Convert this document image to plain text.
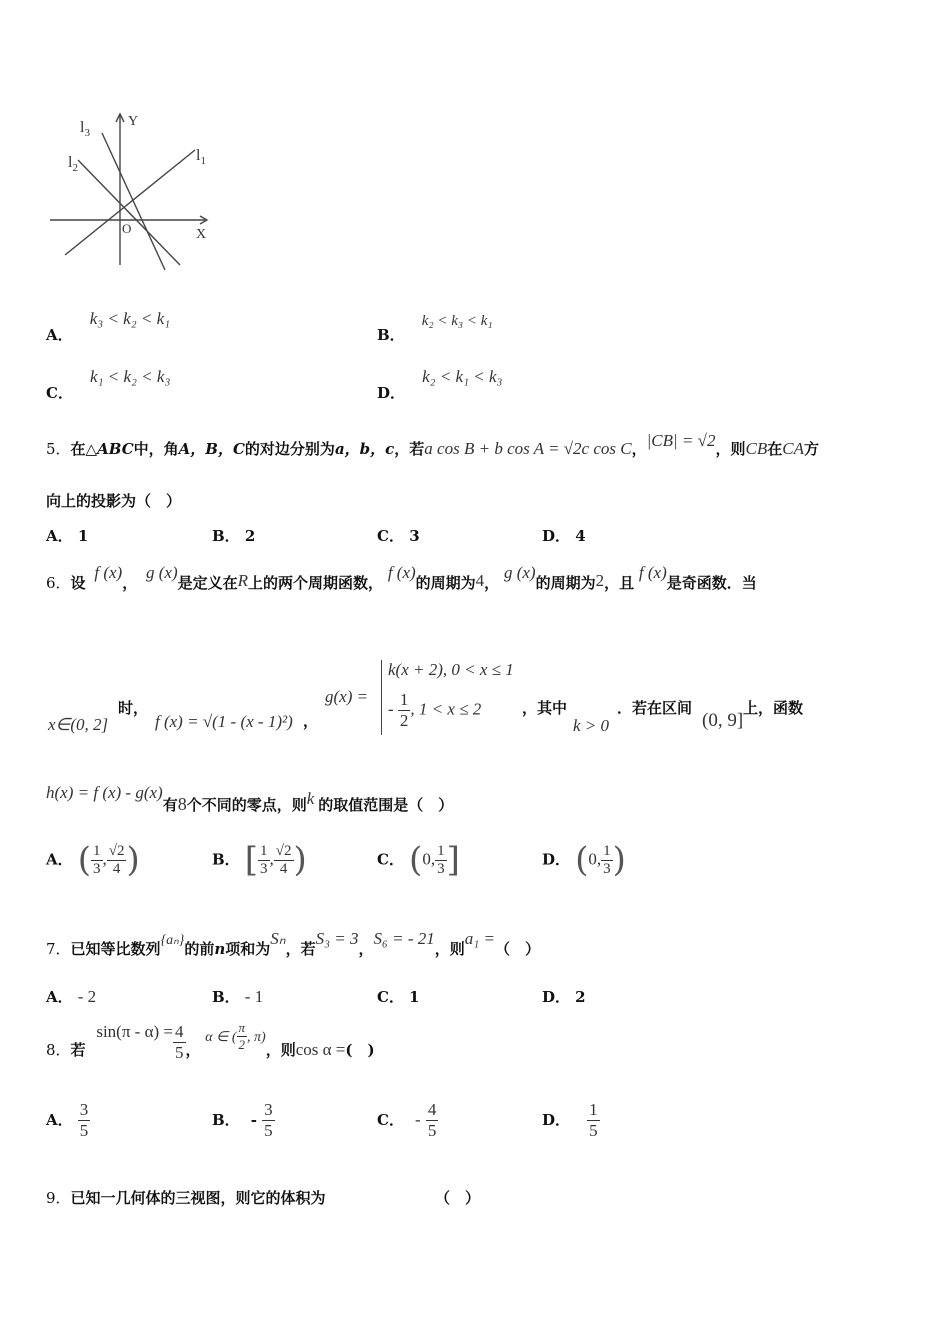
$l_3$
Y
$l_1$
$l_2$
O	X
A． k₃ < k₂ < k₁
B． k₂ < k₃ < k₁
C． k₁ < k₂ < k₃
D． k₂ < k₁ < k₃
5．在△ABC中，角A，B，C的对边分别为a，b，c，若a cos B + b cos A = √2c cos C，|CB| = √2，则CB在CA方
向上的投影为（　）
A． 1	B． 2	C． 3	D． 4
6．设 f (x)， g (x)是定义在R上的两个周期函数， f (x)的周期为4， g (x)的周期为2，且 f (x)是奇函数．当
时，
x∈(0, 2]	f (x) = √(1 - (x - 1)²) ，
g(x) =
k(x + 2), 0 < x ≤ 1
- $\frac{1}{2}$ , 1 < x ≤ 2	，其中
k > 0
．若在区间
(0, 9]
上，函数
h(x) = f (x) - g(x)有8个不同的零点，则k 的取值范围是（　）
A． ( $\frac{1}{3}$ , $\frac{√2}{4}$ )	B． [ $\frac{1}{3}$ , $\frac{√2}{4}$ )	C． (0, $\frac{1}{3}$ ]	D． (0, $\frac{1}{3}$ )
7．已知等比数列{aₙ}的前n项和为Sₙ，若S₃ = 3，S₆ = - 21，则a₁ =（　）
A． - 2	B． - 1	C． 1	D． 2
8．若 $\sin(\pi - \alpha) = \frac{4}{5}$ ， α ∈ ( $\frac{\pi}{2}$ , π)，则cos α =(　)
A． $\frac{3}{5}$	B． - $\frac{3}{5}$	C． - $\frac{4}{5}$	D． $\frac{1}{5}$
9．已知一几何体的三视图，则它的体积为	（　）
